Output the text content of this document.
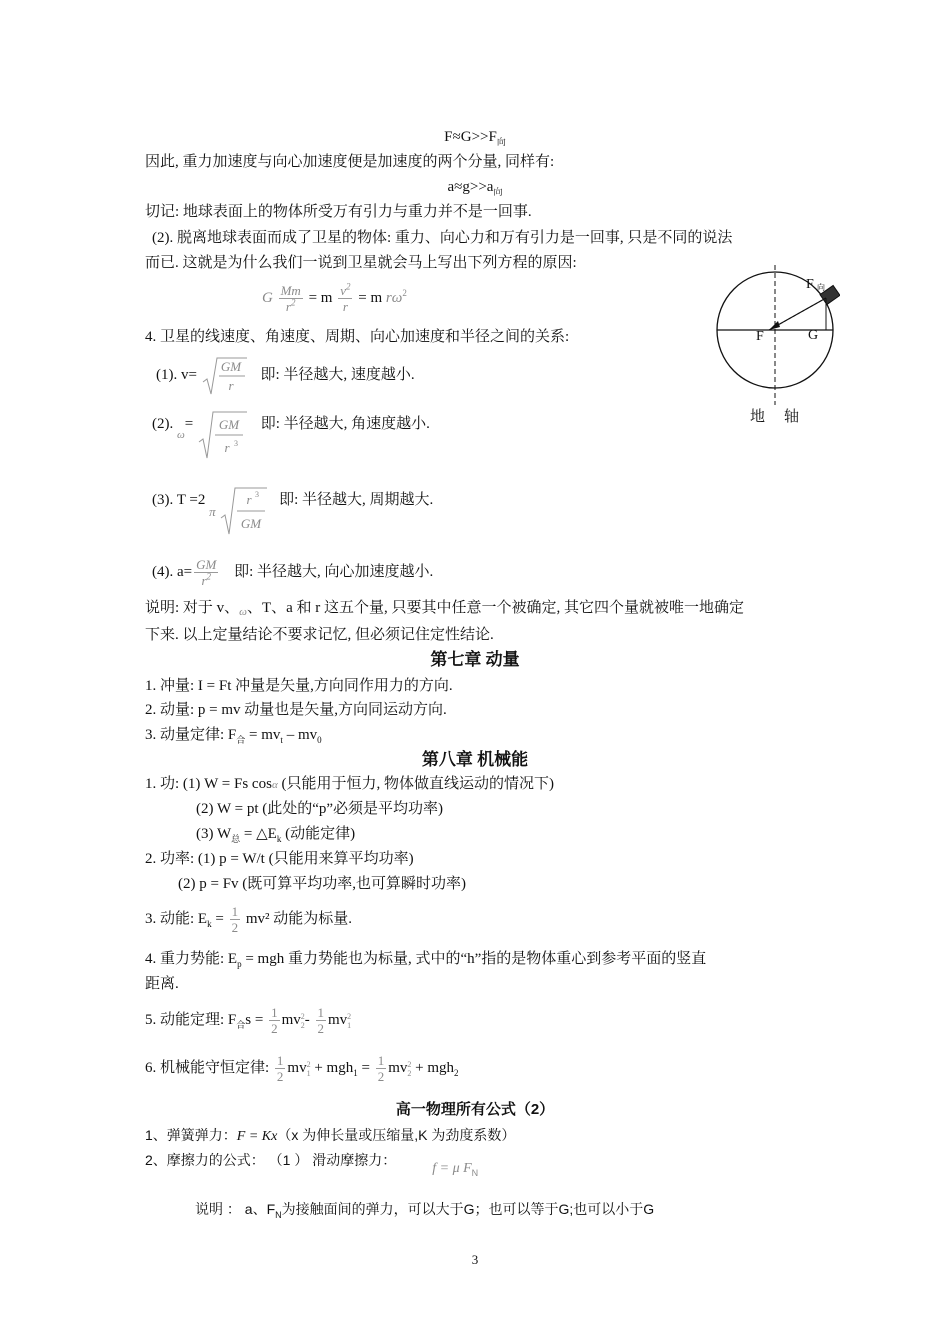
$F\approx G>>F_向$
因此, 重力加速度与向心加速度便是加速度的两个分量, 同样有:
$a\approx g>>a_向$
切记: 地球表面上的物体所受万有引力与重力并不是一回事.
(2). 脱离地球表面而成了卫星的物体: 重力、向心力和万有引力是一回事, 只是不同的说法
而已. 这就是为什么我们一说到卫星就会马上写出下列方程的原因:
G $\frac{Mm}{r^2} = m \frac{v^2}{r} = m$ $r\omega^2$
4. 卫星的线速度、角速度、周期、向心加速度和半径之间的关系:
(1). v=
GM
r
即: 半径越大, 速度越小.
(2). $_\omega$= GM
r 3
即: 半径越大, 角速度越小.
(3). T =2 π
r 3
GM
即: 半径越大, 周期越大.
(4). $a= \frac{GM}{r^2}$ 即: 半径越大, 向心加速度越小.
说明: 对于 v、$_\omega$、T、a 和 r 这五个量, 只要其中任意一个被确定, 其它四个量就被唯一地确定
下来. 以上定量结论不要求记忆, 但必须记住定性结论.
第七章 动量
1. 冲量: I = Ft 冲量是矢量,方向同作用力的方向.
2. 动量: p = mv 动量也是矢量,方向同运动方向.
3. 动量定律: $F_合 = mv_t - mv_0$
第八章 机械能
1. 功: (1) W = Fs cosα (只能用于恒力, 物体做直线运动的情况下)
(2) W = pt (此处的“p”必须是平均功率)
(3) $W_总$ = $\triangle E_k$ (动能定律)
2. 功率: (1) p = W/t (只能用来算平均功率)
(2) p = Fv (既可算平均功率,也可算瞬时功率)
3. 动能: $E_k = \frac{1}{2} mv^2$ 动能为标量.
4. 重力势能: $E_p$ = mgh 重力势能也为标量, 式中的“h”指的是物体重心到参考平面的竖直
距离.
5. 动能定理: $F_合s = \frac{1}{2} mv2$
$2- \frac{1}{2} mv2$
1
6. 机械能守恒定律: $\frac{1}{2} mv2$
$1 + mgh_1 = \frac{1}{2} mv2$
2 + mgh$_2$
高一物理所有公式（2）
1、弹簧弹力：F = Kx（x 为伸长量或压缩量,K 为劲度系数）
2、摩擦力的公式： （1 ） 滑动摩擦力：f = μ $F_N$
说明 ： a、$F_N$为接触面间的弹力，可以大于G；也可以等于G;也可以小于G
3
F 向
F	G
地 轴
